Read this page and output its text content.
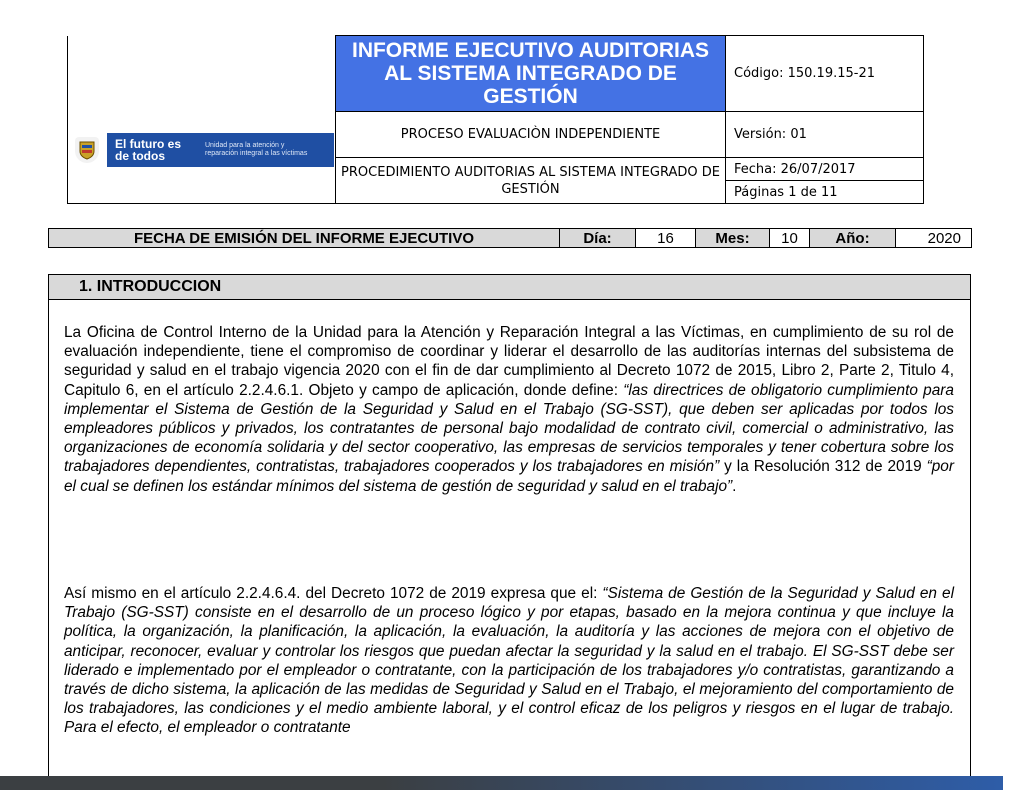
El futuro es de todos
Unidad para la atención y reparación integral a las víctimas	INFORME EJECUTIVO AUDITORIAS AL SISTEMA INTEGRADO DE GESTIÓN	Código: 150.19.15-21
	PROCESO EVALUACIÒN INDEPENDIENTE	Versión: 01
	PROCEDIMIENTO AUDITORIAS AL SISTEMA INTEGRADO DE GESTIÓN	Fecha: 26/07/2017
Páginas 1 de 11
FECHA DE EMISIÓN DEL INFORME EJECUTIVO	Día:	16	Mes:	10	Año:	2020
1. INTRODUCCION

La Oficina de Control Interno de la Unidad para la Atención y Reparación Integral a las Víctimas, en cumplimiento de su rol de evaluación independiente, tiene el compromiso de coordinar y liderar el desarrollo de las auditorías internas del subsistema de seguridad y salud en el trabajo vigencia 2020 con el fin de dar cumplimiento al Decreto 1072 de 2015, Libro 2, Parte 2, Titulo 4, Capitulo 6, en el artículo 2.2.4.6.1. Objeto y campo de aplicación, donde define: “las directrices de obligatorio cumplimiento para implementar el Sistema de Gestión de la Seguridad y Salud en el Trabajo (SG-SST), que deben ser aplicadas por todos los empleadores públicos y privados, los contratantes de personal bajo modalidad de contrato civil, comercial o administrativo, las organizaciones de economía solidaria y del sector cooperativo, las empresas de servicios temporales y tener cobertura sobre los trabajadores dependientes, contratistas, trabajadores cooperados y los trabajadores en misión” y la Resolución 312 de 2019 “por el cual se definen los estándar mínimos del sistema de gestión de seguridad y salud en el trabajo”.

Así mismo en el artículo 2.2.4.6.4. del Decreto 1072 de 2019 expresa que el: “Sistema de Gestión de la Seguridad y Salud en el Trabajo (SG-SST) consiste en el desarrollo de un proceso lógico y por etapas, basado en la mejora continua y que incluye la política, la organización, la planificación, la aplicación, la evaluación, la auditoría y las acciones de mejora con el objetivo de anticipar, reconocer, evaluar y controlar los riesgos que puedan afectar la seguridad y la salud en el trabajo. El SG-SST debe ser liderado e implementado por el empleador o contratante, con la participación de los trabajadores y/o contratistas, garantizando a través de dicho sistema, la aplicación de las medidas de Seguridad y Salud en el Trabajo, el mejoramiento del comportamiento de los trabajadores, las condiciones y el medio ambiente laboral, y el control eficaz de los peligros y riesgos en el lugar de trabajo. Para el efecto, el empleador o contratante
